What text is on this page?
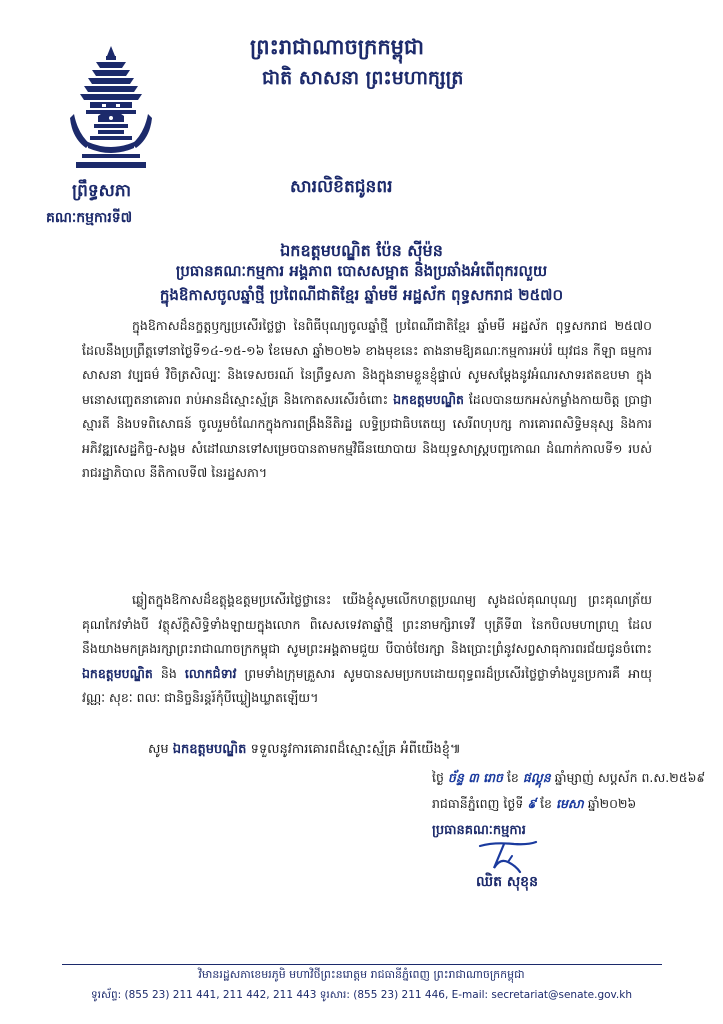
ព្រះរាជាណាចក្រកម្ពុជា
ជាតិ សាសនា ព្រះមហាក្សត្រ
ព្រឹទ្ធសភា
គណៈកម្មការទី៧
សារលិខិតជូនពរ
ឯកឧត្តមបណ្ឌិត ប៉ែន ស៊ីម៉ន
ប្រធានគណៈកម្មការ អង្គភាព បោសសម្អាត និងប្រឆាំងអំពើពុករលួយ
ក្នុងឱកាសចូលឆ្នាំថ្មី ប្រពៃណីជាតិខ្មែរ ឆ្នាំមមី អដ្ឋស័ក ពុទ្ធសករាជ ២៥៧០
ក្នុងឱកាសដ៏នក្ខត្តឫក្សប្រសើរថ្លៃថ្លា នៃពិធីបុណ្យចូលឆ្នាំថ្មី ប្រពៃណីជាតិខ្មែរ ឆ្នាំមមី អដ្ឋស័ក ពុទ្ធសករាជ ២៥៧០ ដែលនឹងប្រព្រឹត្តទៅនាថ្ងៃទី១៤-១៥-១៦ ខែមេសា ឆ្នាំ២០២៦ ខាងមុខនេះ តាងនាមឱ្យគណៈកម្មការអប់រំ យុវជន កីឡា ធម្មការ សាសនា វប្បធម៌ វិចិត្រសិល្បៈ និងទេសចរណ៍ នៃព្រឹទ្ធសភា និងក្នុងនាមខ្លួនខ្ញុំផ្ទាល់ សូមសម្តែងនូវអំណរសាទរឥតឧបមា ក្នុងមនោសញ្ចេតនាគោរព រាប់អានដ៏ស្មោះស្ម័គ្រ និងកោតសរសើរចំពោះ ឯកឧត្តមបណ្ឌិត ដែលបានយកអស់កម្លាំងកាយចិត្ត ប្រាជ្ញាស្មារតី និងបទពិសោធន៍ ចូលរួមចំណែកក្នុងការពង្រឹងនីតិរដ្ឋ លទ្ធិប្រជាធិបតេយ្យ សេរីពហុបក្ស ការគោរពសិទ្ធិមនុស្ស និងការអភិវឌ្ឍសេដ្ឋកិច្ច-សង្គម សំដៅឈានទៅសម្រេចបានតាមកម្មវិធីនយោបាយ និងយុទ្ធសាស្ត្របញ្ចកោណ ដំណាក់កាលទី១ របស់រាជរដ្ឋាភិបាល នីតិកាលទី៧ នៃរដ្ឋសភា។
ឆ្លៀតក្នុងឱកាសដ៏ឧត្តុង្គឧត្តមប្រសើរថ្លៃថ្លានេះ យើងខ្ញុំសូមលើកហត្ថប្រណម្យ សូងដល់គុណបុណ្យ ព្រះគុណត្រ័យគុណកែវទាំងបី វត្ថុស័ក្តិសិទ្ធិទាំងឡាយក្នុងលោក ពិសេសទេវតាឆ្នាំថ្មី ព្រះនាមក្សិរាទេវី បុត្រីទី៣ នៃកបិលមហាព្រហ្ម ដែលនឹងយាងមកគ្រងរក្សាព្រះរាជាណាចក្រកម្ពុជា សូមព្រះអង្គតាមជួយ បីបាច់ថែរក្សា និងប្រោះព្រំនូវសព្វសាធុការពរជ័យជូនចំពោះ ឯកឧត្តមបណ្ឌិត និង លោកជំទាវ ព្រមទាំងក្រុមគ្រួសារ សូមបានសមប្រកបដោយពុទ្ធពរដ៏ប្រសើរថ្លៃថ្លាទាំងបួនប្រការគឺ អាយុ វណ្ណៈ សុខៈ ពលៈ ជានិច្ចនិរន្តរ៍កុំបីឃ្លៀងឃ្លាតឡើយ។
សូម ឯកឧត្តមបណ្ឌិត ទទួលនូវការគោរពដ៏ស្មោះស្ម័គ្រ អំពីយើងខ្ញុំ៕
ថ្ងៃ ច័ន្ទ ៣ រោច ខែ ផល្គុន ឆ្នាំម្សាញ់ សប្តស័ក ព.ស.២៥៦៩
រាជធានីភ្នំពេញ ថ្ងៃទី ៩ ខែ មេសា ឆ្នាំ២០២៦
ប្រធានគណៈកម្មការ
ឈិត សុខុន
វិមានរដ្ឋសភាខេមរភូមិ មហាវិថីព្រះនរោត្តម រាជធានីភ្នំពេញ ព្រះរាជាណាចក្រកម្ពុជា
ទូរស័ព្ទ: (855 23) 211 441, 211 442, 211 443 ទូរសារ: (855 23) 211 446, E-mail: secretariat@senate.gov.kh
